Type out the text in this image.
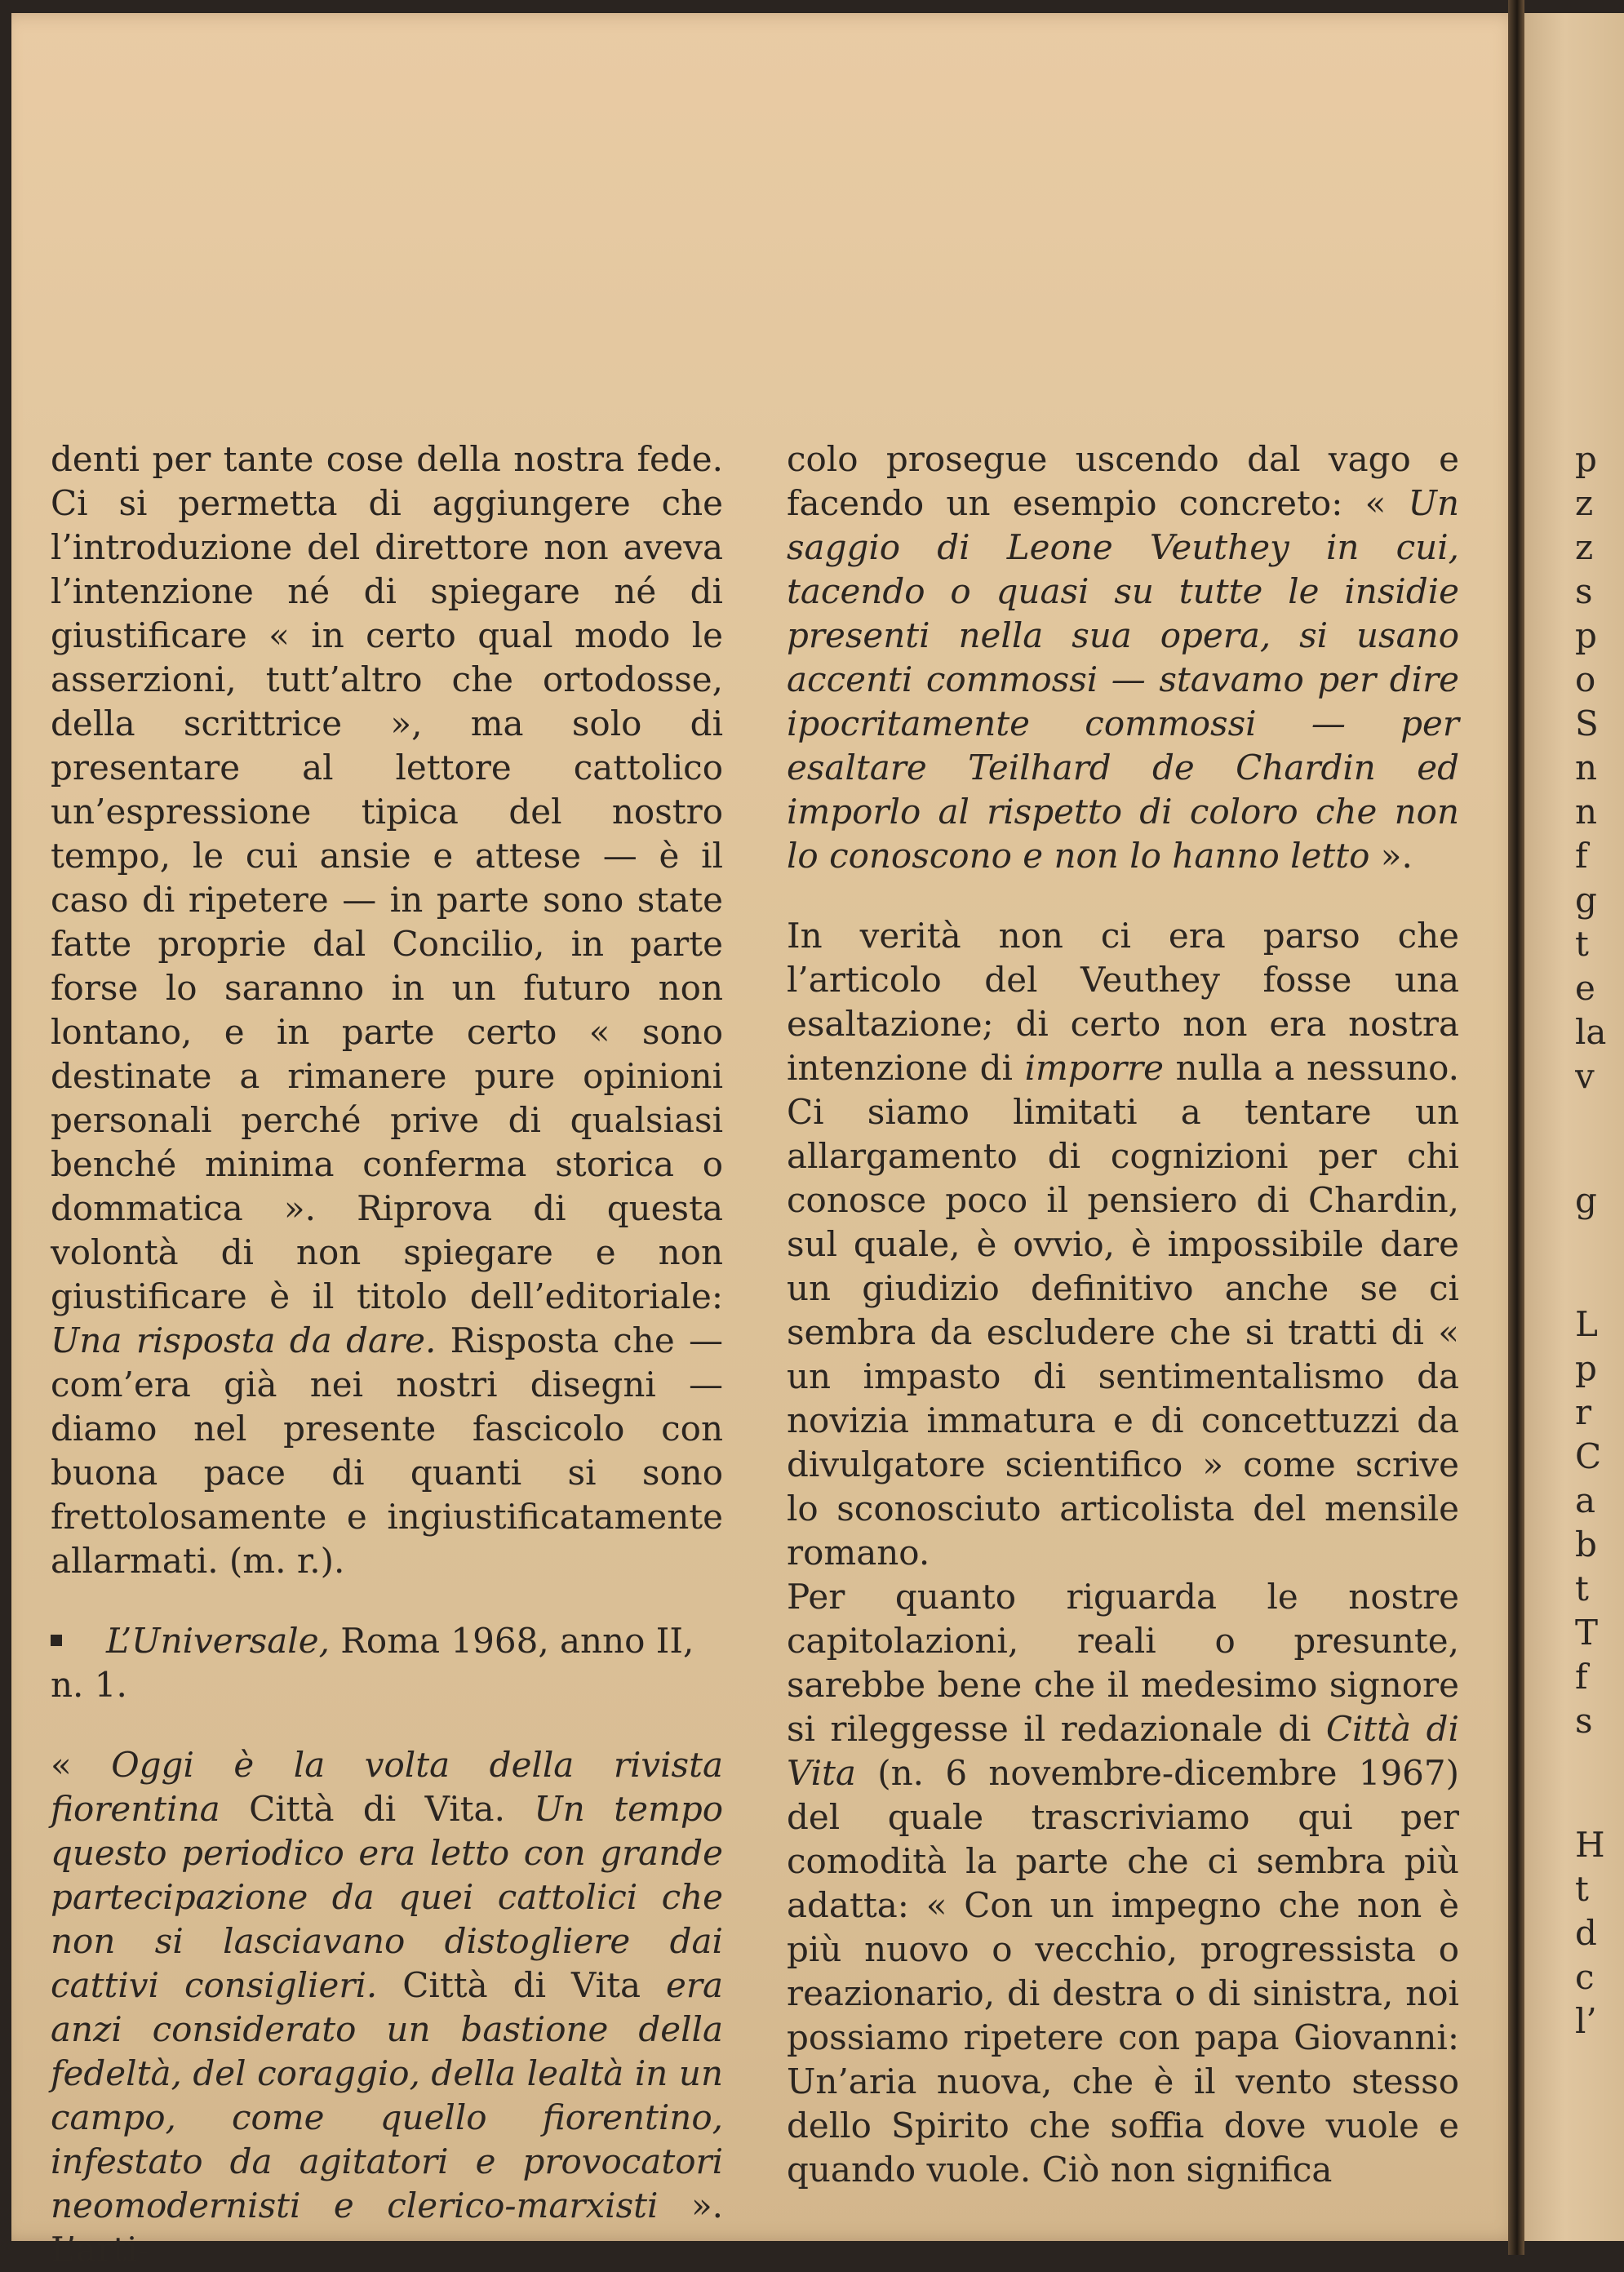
denti per tante cose della nostra fede. Ci si permetta di aggiungere che l’introduzione del direttore non aveva l’intenzione né di spiegare né di giustificare « in certo qual modo le asserzioni, tutt’altro che ortodosse, della scrittrice », ma solo di presentare al lettore cattolico un’espressione tipica del nostro tempo, le cui ansie e attese — è il caso di ripetere — in parte sono state fatte proprie dal Concilio, in parte forse lo saranno in un futuro non lontano, e in parte certo « sono destinate a rimanere pure opinioni personali perché prive di qualsiasi benché minima conferma storica o dommatica ». Riprova di questa volontà di non spiegare e non giustificare è il titolo dell’editoriale: Una risposta da dare. Risposta che — com’era già nei nostri disegni — diamo nel presente fascicolo con buona pace di quanti si sono frettolosamente e ingiustificatamente allarmati. (m. r.).

L’Universale, Roma 1968, anno II, n. 1.

« Oggi è la volta della rivista fiorentina Città di Vita. Un tempo questo periodico era letto con grande partecipazione da quei cattolici che non si lasciavano distogliere dai cattivi consiglieri. Città di Vita era anzi considerato un bastione della fedeltà, del coraggio, della lealtà in un campo, come quello fiorentino, infestato da agitatori e provocatori neomodernisti e clerico-marxisti ». L’arti-

colo prosegue uscendo dal vago e facendo un esempio concreto: « Un saggio di Leone Veuthey in cui, tacendo o quasi su tutte le insidie presenti nella sua opera, si usano accenti commossi — stavamo per dire ipocritamente commossi — per esaltare Teilhard de Chardin ed imporlo al rispetto di coloro che non lo conoscono e non lo hanno letto ».

In verità non ci era parso che l’articolo del Veuthey fosse una esaltazione; di certo non era nostra intenzione di imporre nulla a nessuno. Ci siamo limitati a tentare un allargamento di cognizioni per chi conosce poco il pensiero di Chardin, sul quale, è ovvio, è impossibile dare un giudizio definitivo anche se ci sembra da escludere che si tratti di « un impasto di sentimentalismo da novizia immatura e di concettuzzi da divulgatore scientifico » come scrive lo sconosciuto articolista del mensile romano.

Per quanto riguarda le nostre capitolazioni, reali o presunte, sarebbe bene che il medesimo signore si rileggesse il redazionale di Città di Vita (n. 6 novembre-dicembre 1967) del quale trascriviamo qui per comodità la parte che ci sembra più adatta: « Con un impegno che non è più nuovo o vecchio, progressista o reazionario, di destra o di sinistra, noi possiamo ripetere con papa Giovanni: Un’aria nuova, che è il vento stesso dello Spirito che soffia dove vuole e quando vuole. Ciò non significa

p
z
z
s
p
o
S
n
n
f
g
t
e
la
v
g
L
p
r
C
a
b
t
T
f
s
H
t
d
c
l’
